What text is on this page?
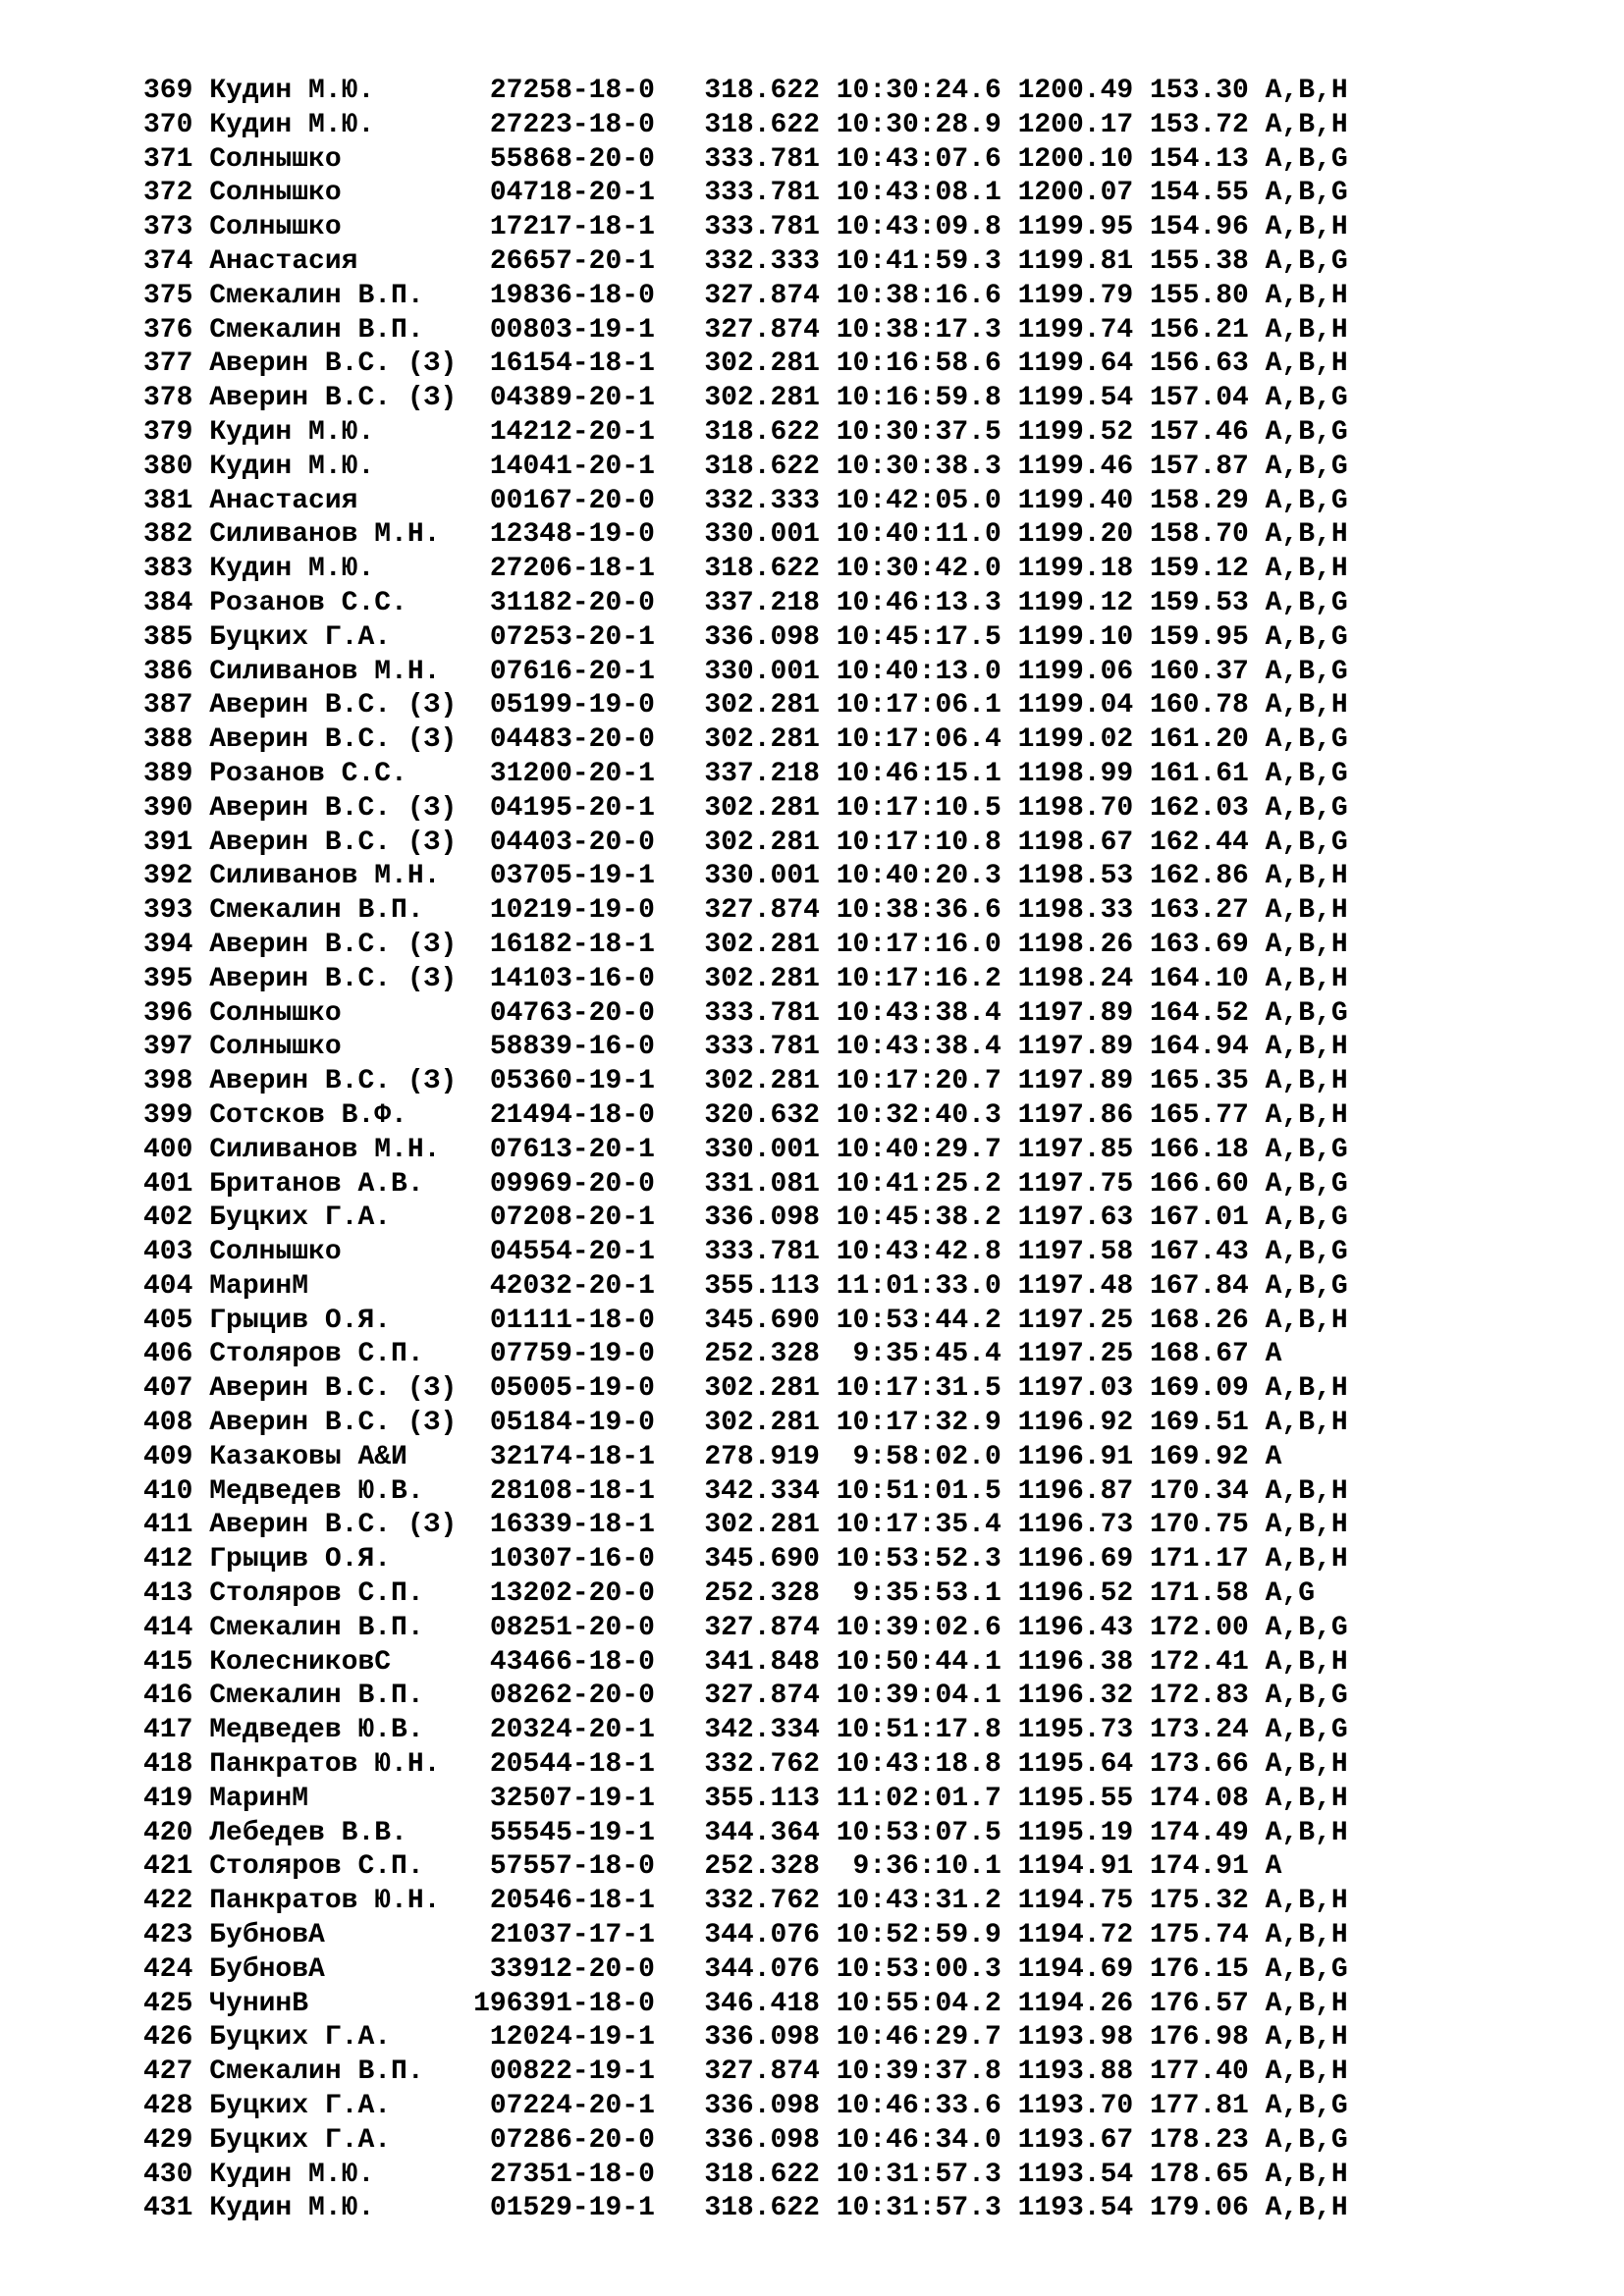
369 Кудин М.Ю.       27258-18-0   318.622 10:30:24.6 1200.49 153.30 A,B,H
370 Кудин М.Ю.       27223-18-0   318.622 10:30:28.9 1200.17 153.72 A,B,H
371 Солнышко         55868-20-0   333.781 10:43:07.6 1200.10 154.13 A,B,G
372 Солнышко         04718-20-1   333.781 10:43:08.1 1200.07 154.55 A,B,G
373 Солнышко         17217-18-1   333.781 10:43:09.8 1199.95 154.96 A,B,H
374 Анастасия        26657-20-1   332.333 10:41:59.3 1199.81 155.38 A,B,G
375 Смекалин В.П.    19836-18-0   327.874 10:38:16.6 1199.79 155.80 A,B,H
376 Смекалин В.П.    00803-19-1   327.874 10:38:17.3 1199.74 156.21 A,B,H
377 Аверин В.С. (З)  16154-18-1   302.281 10:16:58.6 1199.64 156.63 A,B,H
378 Аверин В.С. (З)  04389-20-1   302.281 10:16:59.8 1199.54 157.04 A,B,G
379 Кудин М.Ю.       14212-20-1   318.622 10:30:37.5 1199.52 157.46 A,B,G
380 Кудин М.Ю.       14041-20-1   318.622 10:30:38.3 1199.46 157.87 A,B,G
381 Анастасия        00167-20-0   332.333 10:42:05.0 1199.40 158.29 A,B,G
382 Силиванов М.Н.   12348-19-0   330.001 10:40:11.0 1199.20 158.70 A,B,H
383 Кудин М.Ю.       27206-18-1   318.622 10:30:42.0 1199.18 159.12 A,B,H
384 Розанов С.С.     31182-20-0   337.218 10:46:13.3 1199.12 159.53 A,B,G
385 Буцких Г.А.      07253-20-1   336.098 10:45:17.5 1199.10 159.95 A,B,G
386 Силиванов М.Н.   07616-20-1   330.001 10:40:13.0 1199.06 160.37 A,B,G
387 Аверин В.С. (З)  05199-19-0   302.281 10:17:06.1 1199.04 160.78 A,B,H
388 Аверин В.С. (З)  04483-20-0   302.281 10:17:06.4 1199.02 161.20 A,B,G
389 Розанов С.С.     31200-20-1   337.218 10:46:15.1 1198.99 161.61 A,B,G
390 Аверин В.С. (З)  04195-20-1   302.281 10:17:10.5 1198.70 162.03 A,B,G
391 Аверин В.С. (З)  04403-20-0   302.281 10:17:10.8 1198.67 162.44 A,B,G
392 Силиванов М.Н.   03705-19-1   330.001 10:40:20.3 1198.53 162.86 A,B,H
393 Смекалин В.П.    10219-19-0   327.874 10:38:36.6 1198.33 163.27 A,B,H
394 Аверин В.С. (З)  16182-18-1   302.281 10:17:16.0 1198.26 163.69 A,B,H
395 Аверин В.С. (З)  14103-16-0   302.281 10:17:16.2 1198.24 164.10 A,B,H
396 Солнышко         04763-20-0   333.781 10:43:38.4 1197.89 164.52 A,B,G
397 Солнышко         58839-16-0   333.781 10:43:38.4 1197.89 164.94 A,B,H
398 Аверин В.С. (З)  05360-19-1   302.281 10:17:20.7 1197.89 165.35 A,B,H
399 Сотсков В.Ф.     21494-18-0   320.632 10:32:40.3 1197.86 165.77 A,B,H
400 Силиванов М.Н.   07613-20-1   330.001 10:40:29.7 1197.85 166.18 A,B,G
401 Британов А.В.    09969-20-0   331.081 10:41:25.2 1197.75 166.60 A,B,G
402 Буцких Г.А.      07208-20-1   336.098 10:45:38.2 1197.63 167.01 A,B,G
403 Солнышко         04554-20-1   333.781 10:43:42.8 1197.58 167.43 A,B,G
404 МаринМ           42032-20-1   355.113 11:01:33.0 1197.48 167.84 A,B,G
405 Грыцив О.Я.      01111-18-0   345.690 10:53:44.2 1197.25 168.26 A,B,H
406 Столяров С.П.    07759-19-0   252.328  9:35:45.4 1197.25 168.67 A
407 Аверин В.С. (З)  05005-19-0   302.281 10:17:31.5 1197.03 169.09 A,B,H
408 Аверин В.С. (З)  05184-19-0   302.281 10:17:32.9 1196.92 169.51 A,B,H
409 Казаковы А&И     32174-18-1   278.919  9:58:02.0 1196.91 169.92 A
410 Медведев Ю.В.    28108-18-1   342.334 10:51:01.5 1196.87 170.34 A,B,H
411 Аверин В.С. (З)  16339-18-1   302.281 10:17:35.4 1196.73 170.75 A,B,H
412 Грыцив О.Я.      10307-16-0   345.690 10:53:52.3 1196.69 171.17 A,B,H
413 Столяров С.П.    13202-20-0   252.328  9:35:53.1 1196.52 171.58 A,G
414 Смекалин В.П.    08251-20-0   327.874 10:39:02.6 1196.43 172.00 A,B,G
415 КолесниковС      43466-18-0   341.848 10:50:44.1 1196.38 172.41 A,B,H
416 Смекалин В.П.    08262-20-0   327.874 10:39:04.1 1196.32 172.83 A,B,G
417 Медведев Ю.В.    20324-20-1   342.334 10:51:17.8 1195.73 173.24 A,B,G
418 Панкратов Ю.Н.   20544-18-1   332.762 10:43:18.8 1195.64 173.66 A,B,H
419 МаринМ           32507-19-1   355.113 11:02:01.7 1195.55 174.08 A,B,H
420 Лебедев В.В.     55545-19-1   344.364 10:53:07.5 1195.19 174.49 A,B,H
421 Столяров С.П.    57557-18-0   252.328  9:36:10.1 1194.91 174.91 A
422 Панкратов Ю.Н.   20546-18-1   332.762 10:43:31.2 1194.75 175.32 A,B,H
423 БубновА          21037-17-1   344.076 10:52:59.9 1194.72 175.74 A,B,H
424 БубновА          33912-20-0   344.076 10:53:00.3 1194.69 176.15 A,B,G
425 ЧунинВ          196391-18-0   346.418 10:55:04.2 1194.26 176.57 A,B,H
426 Буцких Г.А.      12024-19-1   336.098 10:46:29.7 1193.98 176.98 A,B,H
427 Смекалин В.П.    00822-19-1   327.874 10:39:37.8 1193.88 177.40 A,B,H
428 Буцких Г.А.      07224-20-1   336.098 10:46:33.6 1193.70 177.81 A,B,G
429 Буцких Г.А.      07286-20-0   336.098 10:46:34.0 1193.67 178.23 A,B,G
430 Кудин М.Ю.       27351-18-0   318.622 10:31:57.3 1193.54 178.65 A,B,H
431 Кудин М.Ю.       01529-19-1   318.622 10:31:57.3 1193.54 179.06 A,B,H
